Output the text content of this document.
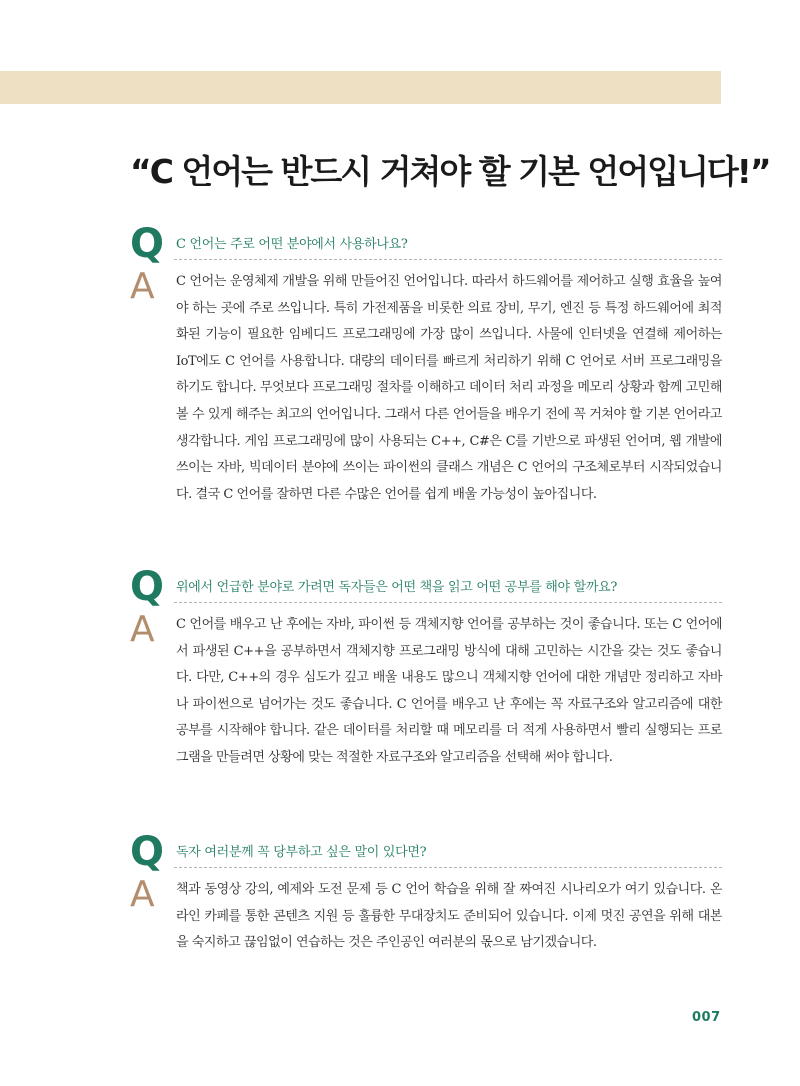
“C 언어는 반드시 거쳐야 할 기본 언어입니다!”
Q C 언어는 주로 어떤 분야에서 사용하나요?
A C 언어는 운영체제 개발을 위해 만들어진 언어입니다. 따라서 하드웨어를 제어하고 실행 효율을 높여야 하는 곳에 주로 쓰입니다. 특히 가전제품을 비롯한 의료 장비, 무기, 엔진 등 특정 하드웨어에 최적화된 기능이 필요한 임베디드 프로그래밍에 가장 많이 쓰입니다. 사물에 인터넷을 연결해 제어하는 IoT에도 C 언어를 사용합니다. 대량의 데이터를 빠르게 처리하기 위해 C 언어로 서버 프로그래밍을 하기도 합니다. 무엇보다 프로그래밍 절차를 이해하고 데이터 처리 과정을 메모리 상황과 함께 고민해 볼 수 있게 해주는 최고의 언어입니다. 그래서 다른 언어들을 배우기 전에 꼭 거쳐야 할 기본 언어라고 생각합니다. 게임 프로그래밍에 많이 사용되는 C++, C#은 C를 기반으로 파생된 언어며, 웹 개발에 쓰이는 자바, 빅데이터 분야에 쓰이는 파이썬의 클래스 개념은 C 언어의 구조체로부터 시작되었습니다. 결국 C 언어를 잘하면 다른 수많은 언어를 쉽게 배울 가능성이 높아집니다.

Q 위에서 언급한 분야로 가려면 독자들은 어떤 책을 읽고 어떤 공부를 해야 할까요?
A C 언어를 배우고 난 후에는 자바, 파이썬 등 객체지향 언어를 공부하는 것이 좋습니다. 또는 C 언어에서 파생된 C++을 공부하면서 객체지향 프로그래밍 방식에 대해 고민하는 시간을 갖는 것도 좋습니다. 다만, C++의 경우 심도가 깊고 배울 내용도 많으니 객체지향 언어에 대한 개념만 정리하고 자바나 파이썬으로 넘어가는 것도 좋습니다. C 언어를 배우고 난 후에는 꼭 자료구조와 알고리즘에 대한 공부를 시작해야 합니다. 같은 데이터를 처리할 때 메모리를 더 적게 사용하면서 빨리 실행되는 프로그램을 만들려면 상황에 맞는 적절한 자료구조와 알고리즘을 선택해 써야 합니다.

Q 독자 여러분께 꼭 당부하고 싶은 말이 있다면?
A 책과 동영상 강의, 예제와 도전 문제 등 C 언어 학습을 위해 잘 짜여진 시나리오가 여기 있습니다. 온라인 카페를 통한 콘텐츠 지원 등 훌륭한 무대장치도 준비되어 있습니다. 이제 멋진 공연을 위해 대본을 숙지하고 끊임없이 연습하는 것은 주인공인 여러분의 몫으로 남기겠습니다.

007
